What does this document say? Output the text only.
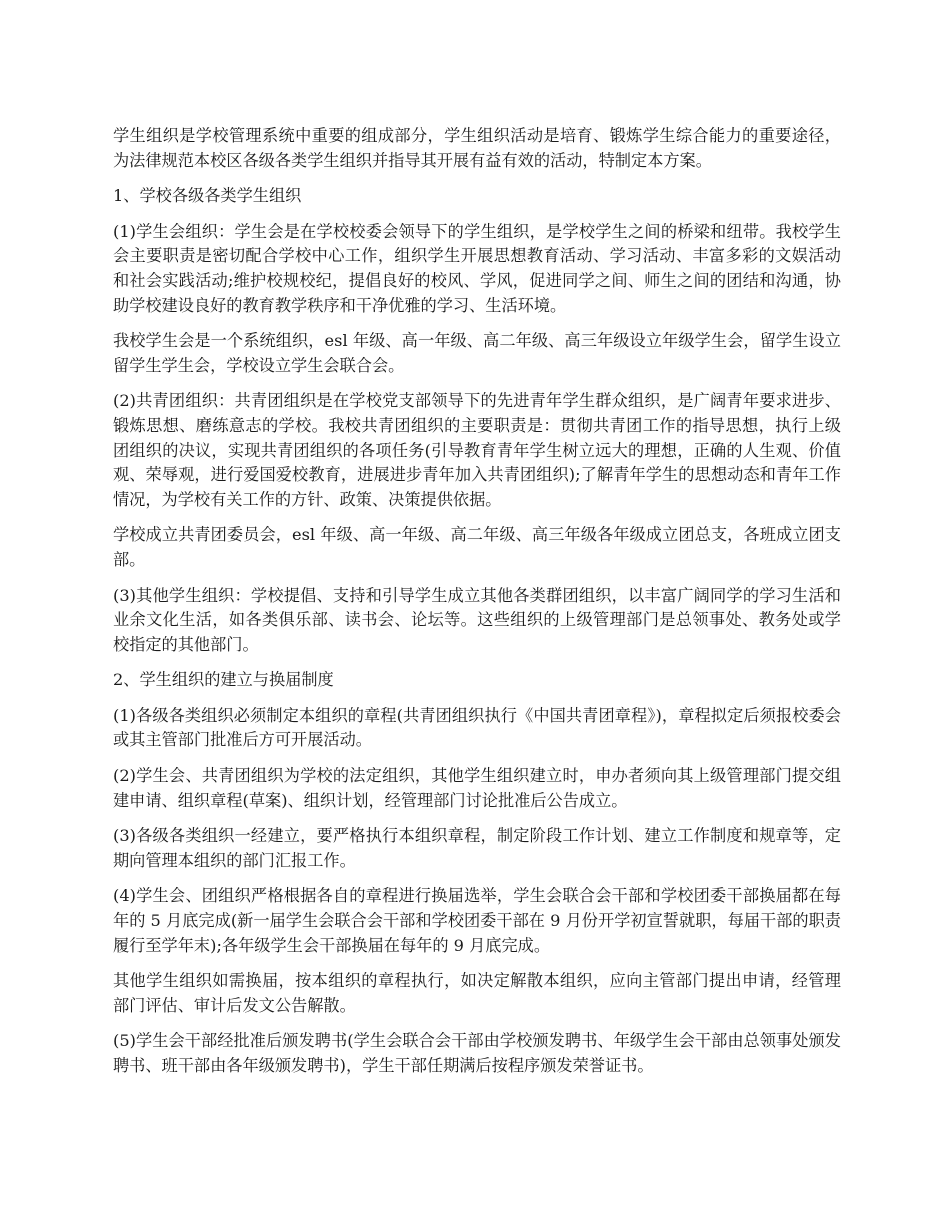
学生组织是学校管理系统中重要的组成部分，学生组织活动是培育、锻炼学生综合能力的重要途径，为法律规范本校区各级各类学生组织并指导其开展有益有效的活动，特制定本方案。

1、学校各级各类学生组织

(1)学生会组织：学生会是在学校校委会领导下的学生组织，是学校学生之间的桥梁和纽带。我校学生会主要职责是密切配合学校中心工作，组织学生开展思想教育活动、学习活动、丰富多彩的文娱活动和社会实践活动;维护校规校纪，提倡良好的校风、学风，促进同学之间、师生之间的团结和沟通，协助学校建设良好的教育教学秩序和干净优雅的学习、生活环境。

我校学生会是一个系统组织，esl 年级、高一年级、高二年级、高三年级设立年级学生会，留学生设立留学生学生会，学校设立学生会联合会。

(2)共青团组织：共青团组织是在学校党支部领导下的先进青年学生群众组织，是广阔青年要求进步、锻炼思想、磨练意志的学校。我校共青团组织的主要职责是：贯彻共青团工作的指导思想，执行上级团组织的决议，实现共青团组织的各项任务(引导教育青年学生树立远大的理想，正确的人生观、价值观、荣辱观，进行爱国爱校教育，进展进步青年加入共青团组织);了解青年学生的思想动态和青年工作情况，为学校有关工作的方针、政策、决策提供依据。

学校成立共青团委员会，esl 年级、高一年级、高二年级、高三年级各年级成立团总支，各班成立团支部。

(3)其他学生组织：学校提倡、支持和引导学生成立其他各类群团组织，以丰富广阔同学的学习生活和业余文化生活，如各类俱乐部、读书会、论坛等。这些组织的上级管理部门是总领事处、教务处或学校指定的其他部门。

2、学生组织的建立与换届制度

(1)各级各类组织必须制定本组织的章程(共青团组织执行《中国共青团章程》)，章程拟定后须报校委会或其主管部门批准后方可开展活动。

(2)学生会、共青团组织为学校的法定组织，其他学生组织建立时，申办者须向其上级管理部门提交组建申请、组织章程(草案)、组织计划，经管理部门讨论批准后公告成立。

(3)各级各类组织一经建立，要严格执行本组织章程，制定阶段工作计划、建立工作制度和规章等，定期向管理本组织的部门汇报工作。

(4)学生会、团组织严格根据各自的章程进行换届选举，学生会联合会干部和学校团委干部换届都在每年的 5 月底完成(新一届学生会联合会干部和学校团委干部在 9 月份开学初宣誓就职，每届干部的职责履行至学年末);各年级学生会干部换届在每年的 9 月底完成。

其他学生组织如需换届，按本组织的章程执行，如决定解散本组织，应向主管部门提出申请，经管理部门评估、审计后发文公告解散。

(5)学生会干部经批准后颁发聘书(学生会联合会干部由学校颁发聘书、年级学生会干部由总领事处颁发聘书、班干部由各年级颁发聘书)，学生干部任期满后按程序颁发荣誉证书。
